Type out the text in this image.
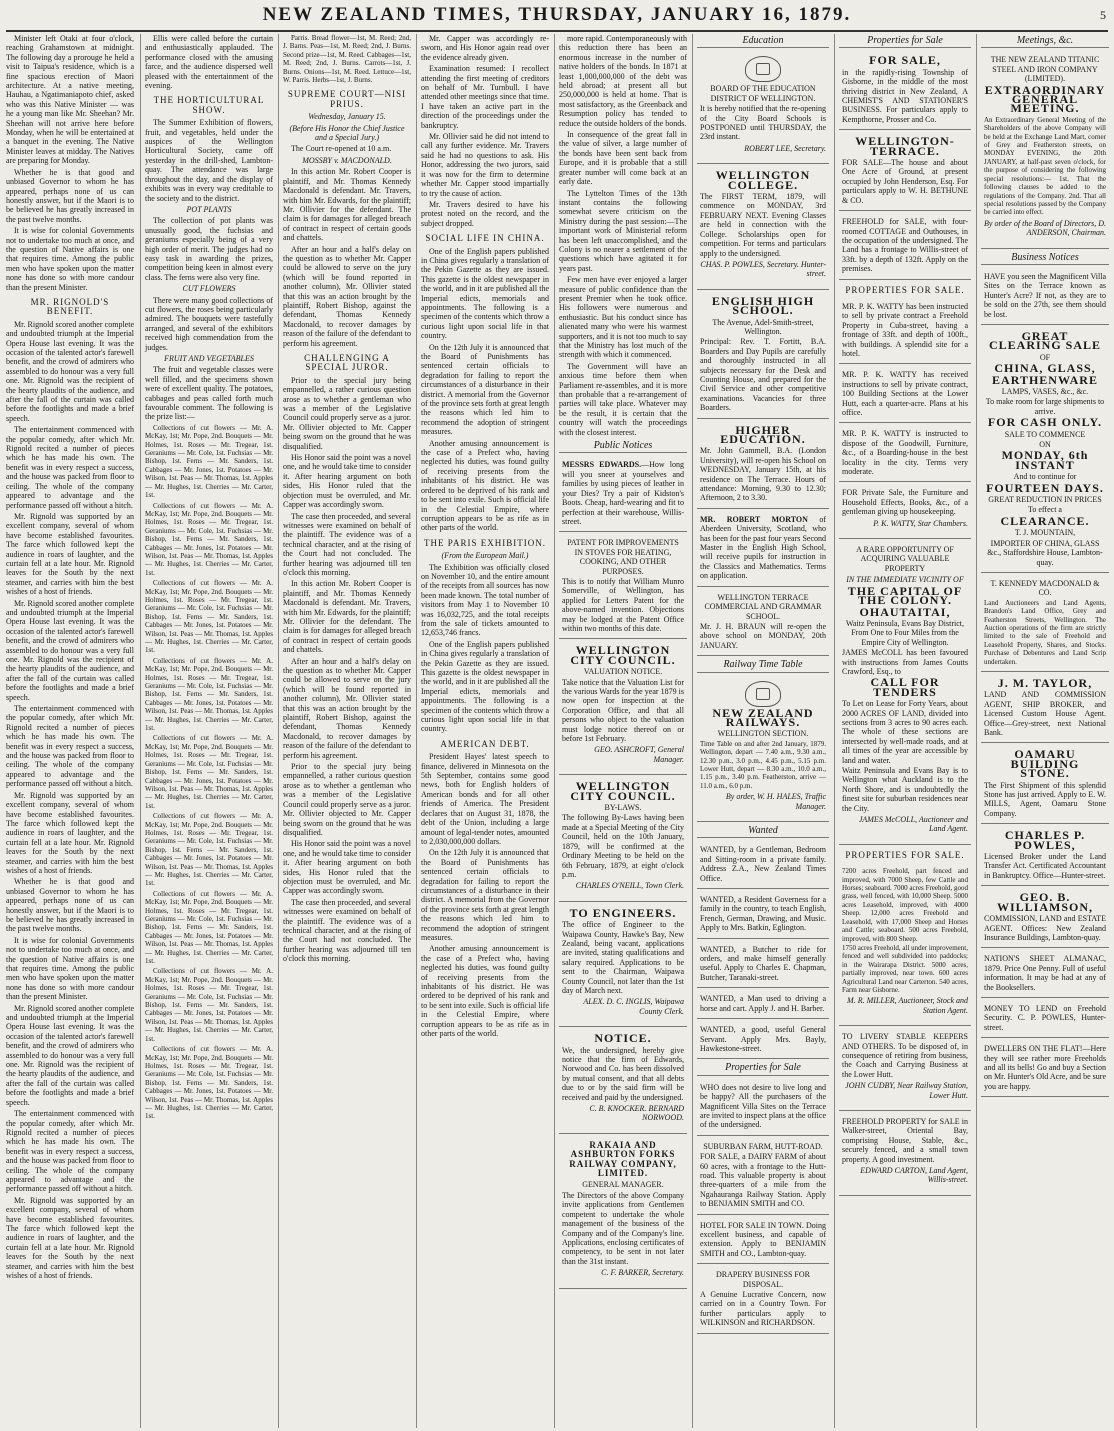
NEW ZEALAND TIMES, THURSDAY, JANUARY 16, 1879.	5

Minister left Otaki at four o'clock, reaching Grahamstown at midnight. The following day a prorouge he held a visit to Taipua's residence, which is a fine spacious erection of Maori architecture. At a native meeting, Hauhau, a Ngatimaniapoto chief, asked who was this Native Minister — was he a young man like Mr. Sheehan? Mr. Sheehan will not arrive here before Monday, when he will be entertained at a banquet in the evening. The Native Minister leaves at midday. The Natives are preparing for Monday.

Whether he is that good and unbiased Governor to whom he has appeared, perhaps none of us can honestly answer, but if the Maori is to be believed he has greatly increased in the past twelve months.

It is wise for colonial Governments not to undertake too much at once, and the question of Native affairs is one that requires time. Among the public men who have spoken upon the matter none has done so with more candour than the present Minister.

MR. RIGNOLD'S BENEFIT.

Mr. Rignold scored another complete and undoubted triumph at the Imperial Opera House last evening. It was the occasion of the talented actor's farewell benefit, and the crowd of admirers who assembled to do honour was a very full one. Mr. Rignold was the recipient of the hearty plaudits of the audience, and after the fall of the curtain was called before the footlights and made a brief speech.

The entertainment commenced with the popular comedy, after which Mr. Rignold recited a number of pieces which he has made his own. The benefit was in every respect a success, and the house was packed from floor to ceiling. The whole of the company appeared to advantage and the performance passed off without a hitch.

Mr. Rignold was supported by an excellent company, several of whom have become established favourites. The farce which followed kept the audience in roars of laughter, and the curtain fell at a late hour. Mr. Rignold leaves for the South by the next steamer, and carries with him the best wishes of a host of friends.

Mr. Rignold scored another complete and undoubted triumph at the Imperial Opera House last evening. It was the occasion of the talented actor's farewell benefit, and the crowd of admirers who assembled to do honour was a very full one. Mr. Rignold was the recipient of the hearty plaudits of the audience, and after the fall of the curtain was called before the footlights and made a brief speech.

The entertainment commenced with the popular comedy, after which Mr. Rignold recited a number of pieces which he has made his own. The benefit was in every respect a success, and the house was packed from floor to ceiling. The whole of the company appeared to advantage and the performance passed off without a hitch.

Mr. Rignold was supported by an excellent company, several of whom have become established favourites. The farce which followed kept the audience in roars of laughter, and the curtain fell at a late hour. Mr. Rignold leaves for the South by the next steamer, and carries with him the best wishes of a host of friends.

Whether he is that good and unbiased Governor to whom he has appeared, perhaps none of us can honestly answer, but if the Maori is to be believed he has greatly increased in the past twelve months.

It is wise for colonial Governments not to undertake too much at once, and the question of Native affairs is one that requires time. Among the public men who have spoken upon the matter none has done so with more candour than the present Minister.

Mr. Rignold scored another complete and undoubted triumph at the Imperial Opera House last evening. It was the occasion of the talented actor's farewell benefit, and the crowd of admirers who assembled to do honour was a very full one. Mr. Rignold was the recipient of the hearty plaudits of the audience, and after the fall of the curtain was called before the footlights and made a brief speech.

The entertainment commenced with the popular comedy, after which Mr. Rignold recited a number of pieces which he has made his own. The benefit was in every respect a success, and the house was packed from floor to ceiling. The whole of the company appeared to advantage and the performance passed off without a hitch.

Mr. Rignold was supported by an excellent company, several of whom have become established favourites. The farce which followed kept the audience in roars of laughter, and the curtain fell at a late hour. Mr. Rignold leaves for the South by the next steamer, and carries with him the best wishes of a host of friends.

Ellis were called before the curtain and enthusiastically applauded. The performance closed with the amusing farce, and the audience dispersed well pleased with the entertainment of the evening.

THE HORTICULTURAL SHOW.

The Summer Exhibition of flowers, fruit, and vegetables, held under the auspices of the Wellington Horticultural Society, came off yesterday in the drill-shed, Lambton-quay. The attendance was large throughout the day, and the display of exhibits was in every way creditable to the society and to the district.

POT PLANTS

The collection of pot plants was unusually good, the fuchsias and geraniums especially being of a very high order of merit. The judges had no easy task in awarding the prizes, competition being keen in almost every class. The ferns were also very fine.

CUT FLOWERS

There were many good collections of cut flowers, the roses being particularly admired. The bouquets were tastefully arranged, and several of the exhibitors received high commendation from the judges.

FRUIT AND VEGETABLES

The fruit and vegetable classes were well filled, and the specimens shown were of excellent quality. The potatoes, cabbages and peas called forth much favourable comment. The following is the prize list:—

Collections of cut flowers — Mr. A. McKay, 1st; Mr. Pope, 2nd. Bouquets — Mr. Holmes, 1st. Roses — Mr. Tregear, 1st. Geraniums — Mr. Cole, 1st. Fuchsias — Mr. Bishop, 1st. Ferns — Mr. Sanders, 1st. Cabbages — Mr. Jones, 1st. Potatoes — Mr. Wilson, 1st. Peas — Mr. Thomas, 1st. Apples — Mr. Hughes, 1st. Cherries — Mr. Carter, 1st.

Collections of cut flowers — Mr. A. McKay, 1st; Mr. Pope, 2nd. Bouquets — Mr. Holmes, 1st. Roses — Mr. Tregear, 1st. Geraniums — Mr. Cole, 1st. Fuchsias — Mr. Bishop, 1st. Ferns — Mr. Sanders, 1st. Cabbages — Mr. Jones, 1st. Potatoes — Mr. Wilson, 1st. Peas — Mr. Thomas, 1st. Apples — Mr. Hughes, 1st. Cherries — Mr. Carter, 1st.

Collections of cut flowers — Mr. A. McKay, 1st; Mr. Pope, 2nd. Bouquets — Mr. Holmes, 1st. Roses — Mr. Tregear, 1st. Geraniums — Mr. Cole, 1st. Fuchsias — Mr. Bishop, 1st. Ferns — Mr. Sanders, 1st. Cabbages — Mr. Jones, 1st. Potatoes — Mr. Wilson, 1st. Peas — Mr. Thomas, 1st. Apples — Mr. Hughes, 1st. Cherries — Mr. Carter, 1st.

Collections of cut flowers — Mr. A. McKay, 1st; Mr. Pope, 2nd. Bouquets — Mr. Holmes, 1st. Roses — Mr. Tregear, 1st. Geraniums — Mr. Cole, 1st. Fuchsias — Mr. Bishop, 1st. Ferns — Mr. Sanders, 1st. Cabbages — Mr. Jones, 1st. Potatoes — Mr. Wilson, 1st. Peas — Mr. Thomas, 1st. Apples — Mr. Hughes, 1st. Cherries — Mr. Carter, 1st.

Collections of cut flowers — Mr. A. McKay, 1st; Mr. Pope, 2nd. Bouquets — Mr. Holmes, 1st. Roses — Mr. Tregear, 1st. Geraniums — Mr. Cole, 1st. Fuchsias — Mr. Bishop, 1st. Ferns — Mr. Sanders, 1st. Cabbages — Mr. Jones, 1st. Potatoes — Mr. Wilson, 1st. Peas — Mr. Thomas, 1st. Apples — Mr. Hughes, 1st. Cherries — Mr. Carter, 1st.

Collections of cut flowers — Mr. A. McKay, 1st; Mr. Pope, 2nd. Bouquets — Mr. Holmes, 1st. Roses — Mr. Tregear, 1st. Geraniums — Mr. Cole, 1st. Fuchsias — Mr. Bishop, 1st. Ferns — Mr. Sanders, 1st. Cabbages — Mr. Jones, 1st. Potatoes — Mr. Wilson, 1st. Peas — Mr. Thomas, 1st. Apples — Mr. Hughes, 1st. Cherries — Mr. Carter, 1st.

Collections of cut flowers — Mr. A. McKay, 1st; Mr. Pope, 2nd. Bouquets — Mr. Holmes, 1st. Roses — Mr. Tregear, 1st. Geraniums — Mr. Cole, 1st. Fuchsias — Mr. Bishop, 1st. Ferns — Mr. Sanders, 1st. Cabbages — Mr. Jones, 1st. Potatoes — Mr. Wilson, 1st. Peas — Mr. Thomas, 1st. Apples — Mr. Hughes, 1st. Cherries — Mr. Carter, 1st.

Collections of cut flowers — Mr. A. McKay, 1st; Mr. Pope, 2nd. Bouquets — Mr. Holmes, 1st. Roses — Mr. Tregear, 1st. Geraniums — Mr. Cole, 1st. Fuchsias — Mr. Bishop, 1st. Ferns — Mr. Sanders, 1st. Cabbages — Mr. Jones, 1st. Potatoes — Mr. Wilson, 1st. Peas — Mr. Thomas, 1st. Apples — Mr. Hughes, 1st. Cherries — Mr. Carter, 1st.

Collections of cut flowers — Mr. A. McKay, 1st; Mr. Pope, 2nd. Bouquets — Mr. Holmes, 1st. Roses — Mr. Tregear, 1st. Geraniums — Mr. Cole, 1st. Fuchsias — Mr. Bishop, 1st. Ferns — Mr. Sanders, 1st. Cabbages — Mr. Jones, 1st. Potatoes — Mr. Wilson, 1st. Peas — Mr. Thomas, 1st. Apples — Mr. Hughes, 1st. Cherries — Mr. Carter, 1st.

Parris. Bread flower—1st, M. Reed; 2nd, J. Barns. Peas—1st, M. Reed; 2nd, J. Burns. Second prize—1st, M. Reed. Cabbages—1st, M. Reed; 2nd, J. Burns. Carrots—1st, J. Burns. Onions—1st, M. Reed. Lettuce—1st, W. Parris. Herbs—1st, J. Burns.

SUPREME COURT—NISI PRIUS.
Wednesday, January 15.
(Before His Honor the Chief Justice and a Special Jury.)

The Court re-opened at 10 a.m.

MOSSBY v. MACDONALD.

In this action Mr. Robert Cooper is plaintiff, and Mr. Thomas Kennedy Macdonald is defendant. Mr. Travers, with him Mr. Edwards, for the plaintiff; Mr. Ollivier for the defendant. The claim is for damages for alleged breach of contract in respect of certain goods and chattels.

After an hour and a half's delay on the question as to whether Mr. Capper could be allowed to serve on the jury (which will be found reported in another column), Mr. Ollivier stated that this was an action brought by the plaintiff, Robert Bishop, against the defendant, Thomas Kennedy Macdonald, to recover damages by reason of the failure of the defendant to perform his agreement.

CHALLENGING A SPECIAL JUROR.

Prior to the special jury being empannelled, a rather curious question arose as to whether a gentleman who was a member of the Legislative Council could properly serve as a juror. Mr. Ollivier objected to Mr. Capper being sworn on the ground that he was disqualified.

His Honor said the point was a novel one, and he would take time to consider it. After hearing argument on both sides, His Honor ruled that the objection must be overruled, and Mr. Capper was accordingly sworn.

The case then proceeded, and several witnesses were examined on behalf of the plaintiff. The evidence was of a technical character, and at the rising of the Court had not concluded. The further hearing was adjourned till ten o'clock this morning.

In this action Mr. Robert Cooper is plaintiff, and Mr. Thomas Kennedy Macdonald is defendant. Mr. Travers, with him Mr. Edwards, for the plaintiff; Mr. Ollivier for the defendant. The claim is for damages for alleged breach of contract in respect of certain goods and chattels.

After an hour and a half's delay on the question as to whether Mr. Capper could be allowed to serve on the jury (which will be found reported in another column), Mr. Ollivier stated that this was an action brought by the plaintiff, Robert Bishop, against the defendant, Thomas Kennedy Macdonald, to recover damages by reason of the failure of the defendant to perform his agreement.

Prior to the special jury being empannelled, a rather curious question arose as to whether a gentleman who was a member of the Legislative Council could properly serve as a juror. Mr. Ollivier objected to Mr. Capper being sworn on the ground that he was disqualified.

His Honor said the point was a novel one, and he would take time to consider it. After hearing argument on both sides, His Honor ruled that the objection must be overruled, and Mr. Capper was accordingly sworn.

The case then proceeded, and several witnesses were examined on behalf of the plaintiff. The evidence was of a technical character, and at the rising of the Court had not concluded. The further hearing was adjourned till ten o'clock this morning.

Mr. Capper was accordingly re-sworn, and His Honor again read over the evidence already given.

Examination resumed: I recollect attending the first meeting of creditors on behalf of Mr. Turnbull. I have attended other meetings since that time. I have taken an active part in the direction of the proceedings under the bankruptcy.

Mr. Ollivier said he did not intend to call any further evidence. Mr. Travers said he had no questions to ask. His Honor, addressing the two jurors, said it was now for the firm to determine whether Mr. Capper stood impartially to try the cause of action.

Mr. Travers desired to have his protest noted on the record, and the subject dropped.

SOCIAL LIFE IN CHINA.

One of the English papers published in China gives regularly a translation of the Pekin Gazette as they are issued. This gazette is the oldest newspaper in the world, and in it are published all the Imperial edicts, memorials and appointments. The following is a specimen of the contents which throw a curious light upon social life in that country.

On the 12th July it is announced that the Board of Punishments has sentenced certain officials to degradation for failing to report the circumstances of a disturbance in their district. A memorial from the Governor of the province sets forth at great length the reasons which led him to recommend the adoption of stringent measures.

Another amusing announcement is the case of a Prefect who, having neglected his duties, was found guilty of receiving presents from the inhabitants of his district. He was ordered to be deprived of his rank and to be sent into exile. Such is official life in the Celestial Empire, where corruption appears to be as rife as in other parts of the world.

THE PARIS EXHIBITION.
(From the European Mail.)

The Exhibition was officially closed on November 10, and the entire amount of the receipts from all sources has now been made known. The total number of visitors from May 1 to November 10 was 16,032,725, and the total receipts from the sale of tickets amounted to 12,653,746 francs.

One of the English papers published in China gives regularly a translation of the Pekin Gazette as they are issued. This gazette is the oldest newspaper in the world, and in it are published all the Imperial edicts, memorials and appointments. The following is a specimen of the contents which throw a curious light upon social life in that country.

AMERICAN DEBT.

President Hayes' latest speech to finance, delivered in Minnesota on the 5th September, contains some good news, both for English holders of American bonds and for all other friends of America. The President declares that on August 31, 1878, the debt of the Union, including a large amount of legal-tender notes, amounted to 2,030,000,000 dollars.

On the 12th July it is announced that the Board of Punishments has sentenced certain officials to degradation for failing to report the circumstances of a disturbance in their district. A memorial from the Governor of the province sets forth at great length the reasons which led him to recommend the adoption of stringent measures.

Another amusing announcement is the case of a Prefect who, having neglected his duties, was found guilty of receiving presents from the inhabitants of his district. He was ordered to be deprived of his rank and to be sent into exile. Such is official life in the Celestial Empire, where corruption appears to be as rife as in other parts of the world.

more rapid. Contemporaneously with this reduction there has been an enormous increase in the number of native holders of the bonds. In 1871 at least 1,000,000,000 of the debt was held abroad; at present all but 250,000,000 is held at home. That is most satisfactory, as the Greenback and Resumption policy has tended to reduce the outside holders of the bonds.

In consequence of the great fall in the value of silver, a large number of the bonds have been sent back from Europe, and it is probable that a still greater number will come back at an early date.

The Lyttelton Times of the 13th instant contains the following somewhat severe criticism on the Ministry during the past session:—The important work of Ministerial reform has been left unaccomplished, and the Colony is no nearer a settlement of the questions which have agitated it for years past.

Few men have ever enjoyed a larger measure of public confidence than the present Premier when he took office. His followers were numerous and enthusiastic. But his conduct since has alienated many who were his warmest supporters, and it is not too much to say that the Ministry has lost much of the strength with which it commenced.

The Government will have an anxious time before them when Parliament re-assembles, and it is more than probable that a re-arrangement of parties will take place. Whatever may be the result, it is certain that the country will watch the proceedings with the closest interest.

Public Notices
MESSRS EDWARDS.—How long will you sneer at yourselves and families by using pieces of leather in your Dies? Try a pair of Kidston's Boots. Cheap, hard-wearing and fit to perfection at their warehouse, Willis-street.
PATENT FOR IMPROVEMENTS IN STOVES FOR HEATING, COOKING, AND OTHER PURPOSES.
This is to notify that William Munro Somerville, of Wellington, has applied for Letters Patent for the above-named invention. Objections may be lodged at the Patent Office within two months of this date.
WELLINGTON CITY COUNCIL.
VALUATION NOTICE.
Take notice that the Valuation List for the various Wards for the year 1879 is now open for inspection at the Corporation Office, and that all persons who object to the valuation must lodge notice thereof on or before 1st February.
GEO. ASHCROFT, General Manager.
WELLINGTON CITY COUNCIL.
BY-LAWS.
The following By-Laws having been made at a Special Meeting of the City Council, held on the 10th January, 1879, will be confirmed at the Ordinary Meeting to be held on the 6th February, 1879, at eight o'clock p.m.
CHARLES O'NEILL, Town Clerk.
TO ENGINEERS.
The office of Engineer to the Waipawa County, Hawke's Bay, New Zealand, being vacant, applications are invited, stating qualifications and salary required. Applications to be sent to the Chairman, Waipawa County Council, not later than the 1st day of March next.
ALEX. D. C. INGLIS, Waipawa County Clerk.
NOTICE.
We, the undersigned, hereby give notice that the firm of Edwards, Norwood and Co. has been dissolved by mutual consent, and that all debts due to or by the said firm will be received and paid by the undersigned.
C. B. KNOCKER. BERNARD NORWOOD.
RAKAIA AND ASHBURTON FORKS RAILWAY COMPANY, LIMITED.
GENERAL MANAGER.
The Directors of the above Company invite applications from Gentlemen competent to undertake the whole management of the business of the Company and of the Company's line. Applications, enclosing certificates of competency, to be sent in not later than the 31st instant.
C. F. BARKER, Secretary.
Education
BOARD OF THE EDUCATION DISTRICT OF WELLINGTON.
It is hereby notified that the re-opening of the City Board Schools is POSTPONED until THURSDAY, the 23rd instant.
ROBERT LEE, Secretary.
WELLINGTON COLLEGE.
The FIRST TERM, 1879, will commence on MONDAY, 3rd FEBRUARY NEXT. Evening Classes are held in connection with the College. Scholarships open for competition. For terms and particulars apply to the undersigned.
CHAS. P. POWLES, Secretary. Hunter-street.
ENGLISH HIGH SCHOOL.
The Avenue, Adel-Smith-street, Wellington.
Principal: Rev. T. Fortitt, B.A. Boarders and Day Pupils are carefully and thoroughly instructed in all subjects necessary for the Desk and Counting House, and prepared for the Civil Service and other competitive examinations. Vacancies for three Boarders.
HIGHER EDUCATION.
Mr. John Gammell, B.A. (London University), will re-open his School on WEDNESDAY, January 15th, at his residence on The Terrace. Hours of attendance: Morning, 9.30 to 12.30; Afternoon, 2 to 3.30.
MR. ROBERT MORTON of Aberdeen University, Scotland, who has been for the past four years Second Master in the English High School, will receive pupils for instruction in the Classics and Mathematics. Terms on application.
WELLINGTON TERRACE COMMERCIAL AND GRAMMAR SCHOOL.
Mr. J. H. BRAUN will re-open the above school on MONDAY, 20th JANUARY.
Railway Time Table
NEW ZEALAND RAILWAYS.
WELLINGTON SECTION.
Time Table on and after 2nd January, 1879. Wellington, depart — 7.40 a.m., 9.30 a.m., 12.30 p.m., 3.0 p.m., 4.45 p.m., 5.15 p.m. Lower Hutt, depart — 8.30 a.m., 10.0 a.m., 1.15 p.m., 3.40 p.m. Featherston, arrive — 11.0 a.m., 6.0 p.m.
By order, W. H. HALES, Traffic Manager.
Wanted
WANTED, by a Gentleman, Bedroom and Sitting-room in a private family. Address Z.A., New Zealand Times Office.
WANTED, a Resident Governess for a family in the country, to teach English, French, German, Drawing, and Music. Apply to Mrs. Batkin, Eglington.
WANTED, a Butcher to ride for orders, and make himself generally useful. Apply to Charles E. Chapman, Butcher, Taranaki-street.
WANTED, a Man used to driving a horse and cart. Apply J. and H. Barber.
WANTED, a good, useful General Servant. Apply Mrs. Bayly, Hawkestone-street.
Properties for Sale
WHO does not desire to live long and be happy? All the purchasers of the Magnificent Villa Sites on the Terrace are invited to inspect plans at the office of the undersigned.
SUBURBAN FARM, HUTT-ROAD.
FOR SALE, a DAIRY FARM of about 60 acres, with a frontage to the Hutt-road. This valuable property is about three-quarters of a mile from the Ngahauranga Railway Station. Apply to BENJAMIN SMITH and CO.
HOTEL FOR SALE IN TOWN. Doing excellent business, and capable of extension. Apply to BENJAMIN SMITH and CO., Lambton-quay.
DRAPERY BUSINESS FOR DISPOSAL.
A Genuine Lucrative Concern, now carried on in a Country Town. For further particulars apply to WILKINSON and RICHARDSON.
Properties for Sale
FOR SALE,
in the rapidly-rising Township of Gisborne, in the middle of the most thriving district in New Zealand, A CHEMIST'S AND STATIONER'S BUSINESS. For particulars apply to Kempthorne, Prosser and Co.
WELLINGTON-TERRACE.
FOR SALE—The house and about One Acre of Ground, at present occupied by John Henderson, Esq. For particulars apply to W. H. BETHUNE & CO.
FREEHOLD for SALE, with four-roomed COTTAGE and Outhouses, in the occupation of the undersigned. The Land has a frontage to Willis-street of 33ft. by a depth of 132ft. Apply on the premises.
PROPERTIES FOR SALE.
MR. P. K. WATTY has been instructed to sell by private contract a Freehold Property in Cuba-street, having a frontage of 33ft. and depth of 100ft., with buildings. A splendid site for a hotel.
MR. P. K. WATTY has received instructions to sell by private contract, 100 Building Sections at the Lower Hutt, each a quarter-acre. Plans at his office.
MR. P. K. WATTY is instructed to dispose of the Goodwill, Furniture, &c., of a Boarding-house in the best locality in the city. Terms very moderate.
FOR Private Sale, the Furniture and Household Effects, Books, &c., of a gentleman giving up housekeeping.
P. K. WATTY, Star Chambers.
A RARE OPPORTUNITY OF ACQUIRING VALUABLE PROPERTY
IN THE IMMEDIATE VICINITY OF
THE CAPITAL OF THE COLONY.
OHAUTAITAI,
Waitz Peninsula, Evans Bay District, From One to Four Miles from the Empire City of Wellington.
JAMES McCOLL has been favoured with instructions from James Coutts Crawford, Esq., to
CALL FOR TENDERS
To Let on Lease for Forty Years, about 2000 ACRES OF LAND, divided into sections from 3 acres to 90 acres each. The whole of these sections are intersected by well-made roads, and at all times of the year are accessible by land and water.
Waitz Peninsula and Evans Bay is to Wellington what Auckland is to the North Shore, and is undoubtedly the finest site for suburban residences near the City.
JAMES McCOLL, Auctioneer and Land Agent.
PROPERTIES FOR SALE.
7200 acres Freehold, part fenced and improved, with 7000 Sheep, few Cattle and Horses; seaboard. 7000 acres Freehold, good grass, well fenced, with 10,000 Sheep. 5000 acres Leasehold, improved, with 4000 Sheep. 12,000 acres Freehold and Leasehold, with 17,000 Sheep and Horses and Cattle; seaboard. 500 acres Freehold, improved, with 800 Sheep.
1750 acres Freehold, all under improvement, fenced and well subdivided into paddocks; in the Wairarapa District. 5000 acres, partially improved, near town. 600 acres Agricultural Land near Carterton. 540 acres, Farm near Gisborne.
M. R. MILLER, Auctioneer, Stock and Station Agent.
TO LIVERY STABLE KEEPERS AND OTHERS. To be disposed of, in consequence of retiring from business, the Coach and Carrying Business at the Lower Hutt.
JOHN CUDBY, Near Railway Station, Lower Hutt.
FREEHOLD PROPERTY for SALE in Walker-street, Oriental Bay, comprising House, Stable, &c., securely fenced, and a small town property. A good investment.
EDWARD CARTON, Land Agent, Willis-street.
Meetings, &c.
THE NEW ZEALAND TITANIC STEEL AND IRON COMPANY (LIMITED).
EXTRAORDINARY GENERAL MEETING.
An Extraordinary General Meeting of the Shareholders of the above Company will be held at the Exchange Land Mart, corner of Grey and Featherston streets, on MONDAY EVENING, the 20th JANUARY, at half-past seven o'clock, for the purpose of considering the following special resolutions:— 1st. That the following clauses be added to the regulations of the Company. 2nd. That all special resolutions passed by the Company be carried into effect.
By order of the Board of Directors, D. ANDERSON, Chairman.
Business Notices
HAVE you seen the Magnificent Villa Sites on the Terrace known as Hunter's Acre? If not, as they are to be sold on the 27th, see them should be lost.
GREAT CLEARING SALE
OF
CHINA, GLASS,
EARTHENWARE
LAMPS, VASES, &c., &c.
To make room for large shipments to arrive.
FOR CASH ONLY.
SALE TO COMMENCE
ON
MONDAY, 6th INSTANT
And to continue for
FOURTEEN DAYS.
GREAT REDUCTION IN PRICES
To effect a
CLEARANCE.
T. J. MOUNTAIN,
IMPORTER OF CHINA, GLASS &c., Staffordshire House, Lambton-quay.
T. KENNEDY MACDONALD & CO.
Land Auctioneers and Land Agents, Brandon's Land Office, Grey and Featherston Streets, Wellington. The Auction operations of the firm are strictly limited to the sale of Freehold and Leasehold Property, Shares, and Stocks. Purchase of Debentures and Land Scrip undertaken.
J. M. TAYLOR,
LAND AND COMMISSION AGENT, SHIP BROKER, and Licensed Custom House Agent. Office—Grey-street, next National Bank.
OAMARU BUILDING STONE.
The First Shipment of this splendid Stone has just arrived. Apply to E. W. MILLS, Agent, Oamaru Stone Company.
CHARLES P. POWLES,
Licensed Broker under the Land Transfer Act. Certificated Accountant in Bankruptcy. Office—Hunter-street.
GEO. B. WILLIAMSON,
COMMISSION, LAND and ESTATE AGENT. Offices: New Zealand Insurance Buildings, Lambton-quay.
NATION'S SHEET ALMANAC, 1879. Price One Penny. Full of useful information. It may be had at any of the Booksellers.
MONEY TO LEND on Freehold Security. C. P. POWLES, Hunter-street.
DWELLERS ON THE FLAT!—Here they will see rather more Freeholds and all its bells! Go and buy a Section on Mr. Hunter's Old Acre, and be sure you are happy.
